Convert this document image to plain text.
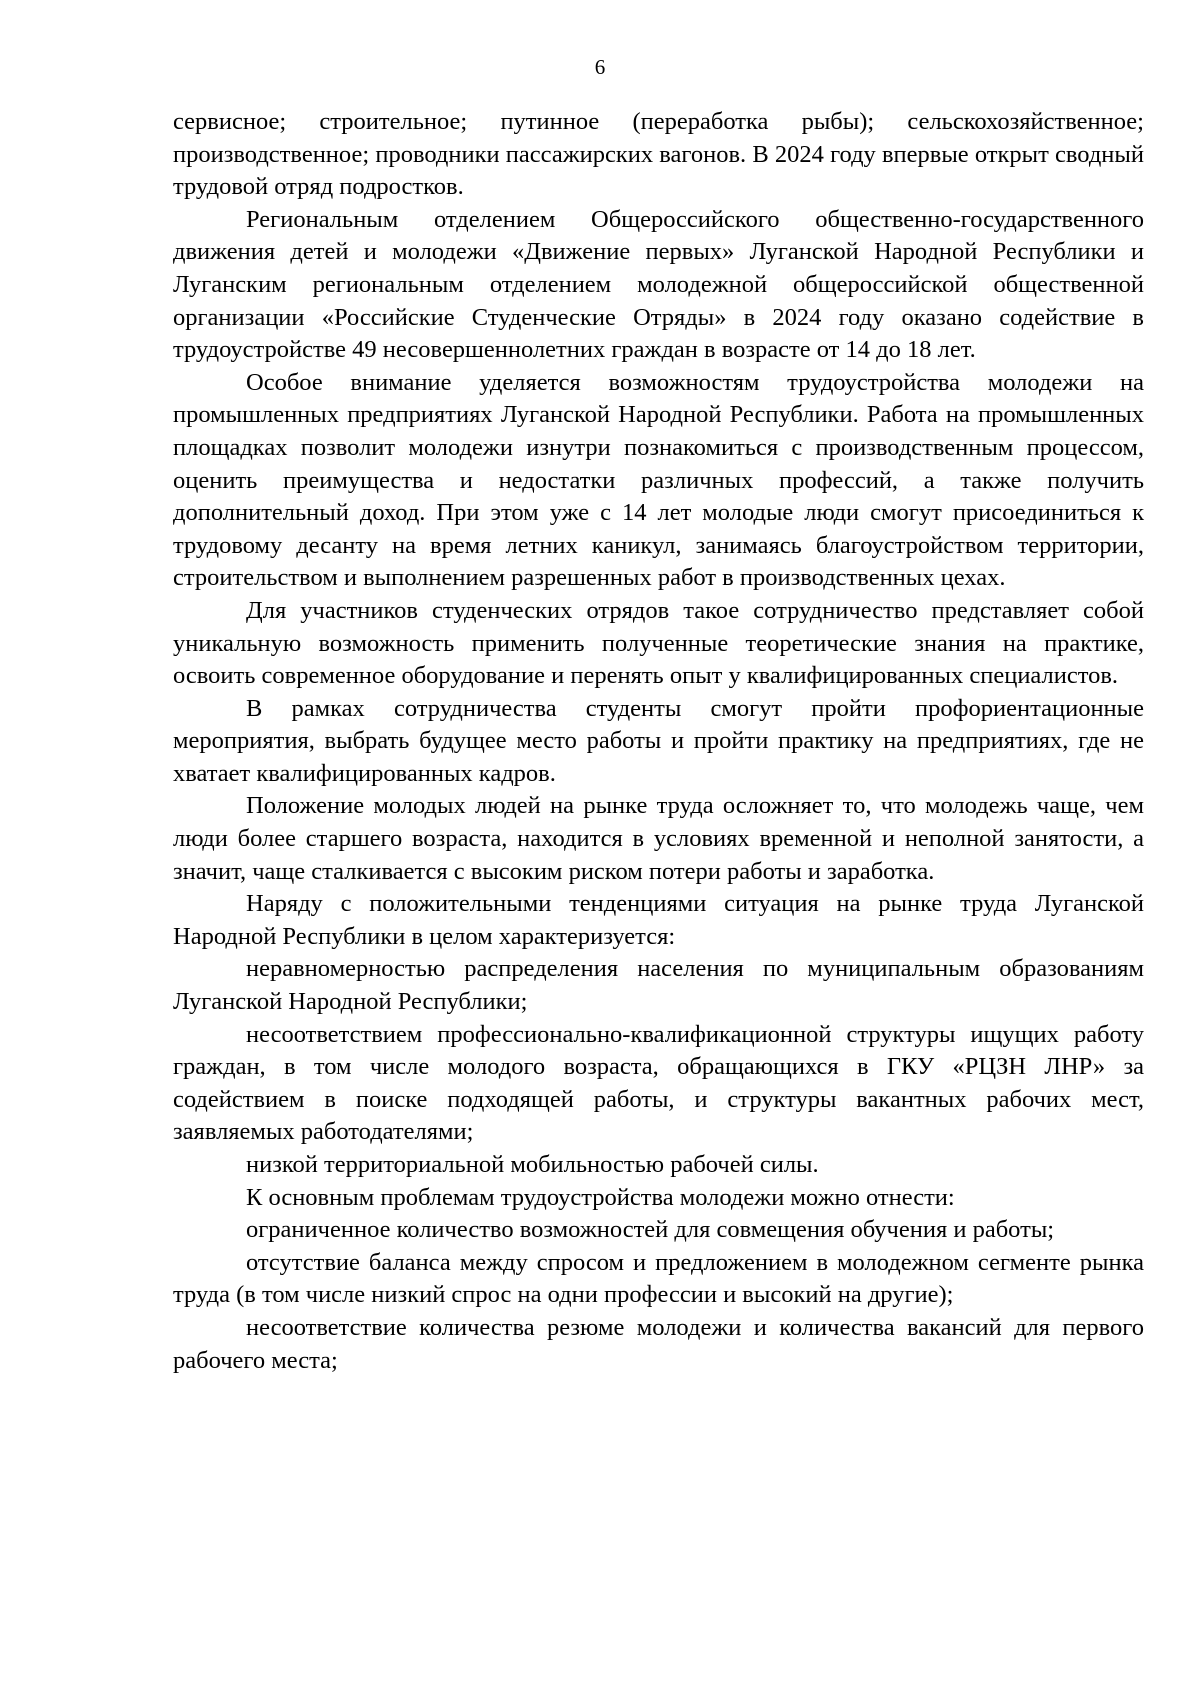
6

сервисное; строительное; путинное (переработка рыбы); сельскохозяйственное; производственное; проводники пассажирских вагонов. В 2024 году впервые открыт сводный трудовой отряд подростков.

Региональным отделением Общероссийского общественно-государственного движения детей и молодежи «Движение первых» Луганской Народной Республики и Луганским региональным отделением молодежной общероссийской общественной организации «Российские Студенческие Отряды» в 2024 году оказано содействие в трудоустройстве 49 несовершеннолетних граждан в возрасте от 14 до 18 лет.

Особое внимание уделяется возможностям трудоустройства молодежи на промышленных предприятиях Луганской Народной Республики. Работа на промышленных площадках позволит молодежи изнутри познакомиться с производственным процессом, оценить преимущества и недостатки различных профессий, а также получить дополнительный доход. При этом уже с 14 лет молодые люди смогут присоединиться к трудовому десанту на время летних каникул, занимаясь благоустройством территории, строительством и выполнением разрешенных работ в производственных цехах.

Для участников студенческих отрядов такое сотрудничество представляет собой уникальную возможность применить полученные теоретические знания на практике, освоить современное оборудование и перенять опыт у квалифицированных специалистов.

В рамках сотрудничества студенты смогут пройти профориентационные мероприятия, выбрать будущее место работы и пройти практику на предприятиях, где не хватает квалифицированных кадров.

Положение молодых людей на рынке труда осложняет то, что молодежь чаще, чем люди более старшего возраста, находится в условиях временной и неполной занятости, а значит, чаще сталкивается с высоким риском потери работы и заработка.

Наряду с положительными тенденциями ситуация на рынке труда Луганской Народной Республики в целом характеризуется:

неравномерностью распределения населения по муниципальным образованиям Луганской Народной Республики;

несоответствием профессионально-квалификационной структуры ищущих работу граждан, в том числе молодого возраста, обращающихся в ГКУ «РЦЗН ЛНР» за содействием в поиске подходящей работы, и структуры вакантных рабочих мест, заявляемых работодателями;

низкой территориальной мобильностью рабочей силы.

К основным проблемам трудоустройства молодежи можно отнести:

ограниченное количество возможностей для совмещения обучения и работы;

отсутствие баланса между спросом и предложением в молодежном сегменте рынка труда (в том числе низкий спрос на одни профессии и высокий на другие);

несоответствие количества резюме молодежи и количества вакансий для первого рабочего места;
